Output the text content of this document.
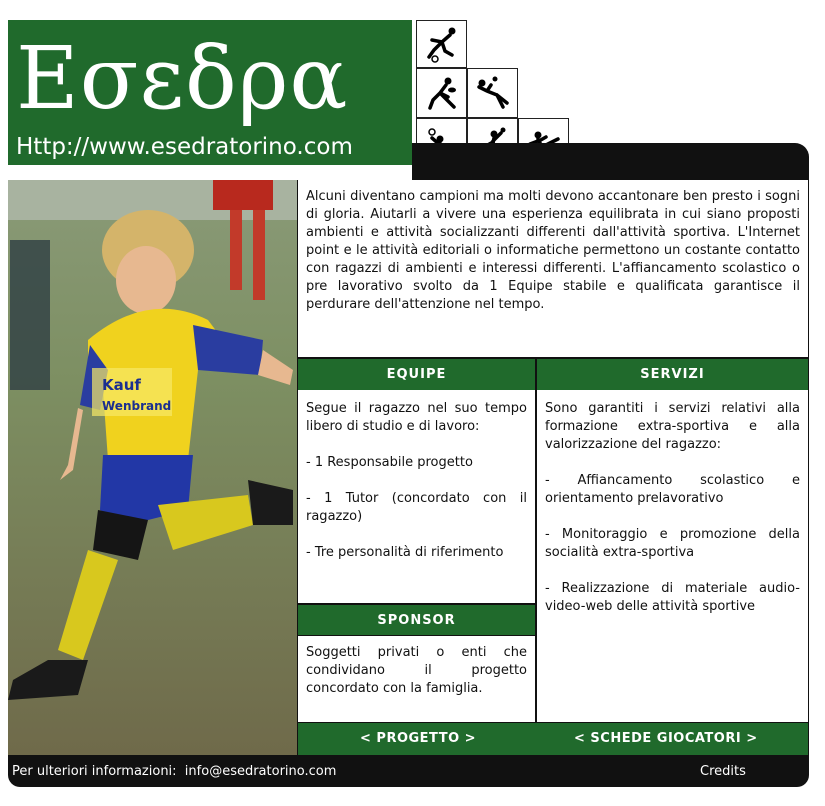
Εσεδρα
Http://www.esedratorino.com
Kauf
Wenbrand

Alcuni diventano campioni ma molti devono accantonare ben presto i sogni di gloria. Aiutarli a vivere una esperienza equilibrata in cui siano proposti ambienti e attività socializzanti differenti dall'attività sportiva. L'Internet point e le attività editoriali o informatiche permettono un costante contatto con ragazzi di ambienti e interessi differenti. L'affiancamento scolastico o pre lavorativo svolto da 1 Equipe stabile e qualificata garantisce il perdurare dell'attenzione nel tempo.

EQUIPE	SERVIZI

Segue il ragazzo nel suo tempo libero di studio e di lavoro:

- 1 Responsabile progetto

- 1 Tutor (concordato con il ragazzo)

- Tre personalità di riferimento

SPONSOR

Soggetti privati o enti che condividano il progetto concordato con la famiglia.

Sono garantiti i servizi relativi alla formazione extra-sportiva e alla valorizzazione del ragazzo:

- Affiancamento scolastico e orientamento prelavorativo

- Monitoraggio e promozione della socialità extra-sportiva

- Realizzazione di materiale audio-video-web delle attività sportive

< PROGETTO >	< SCHEDE GIOCATORI >
Per ulteriori informazioni:  info@esedratorino.com	Credits
